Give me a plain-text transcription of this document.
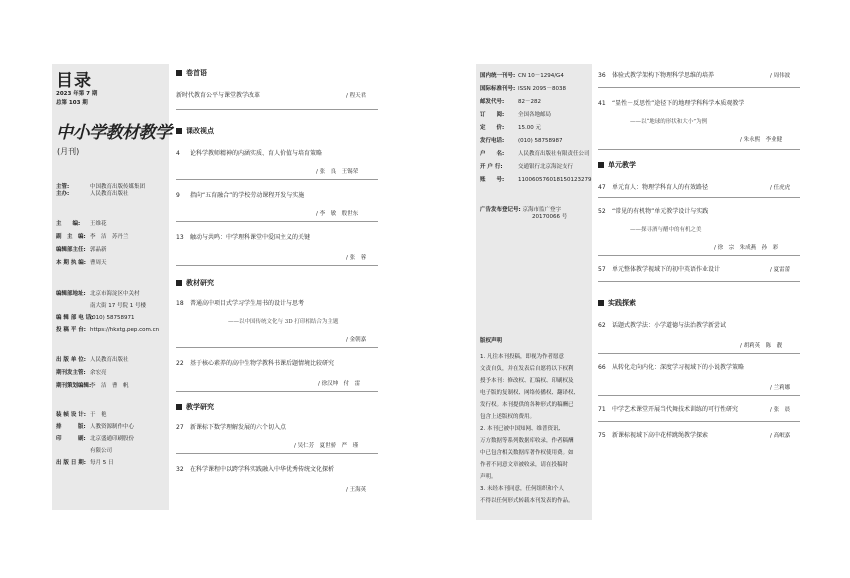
目录
2023 年第 7 期
总第 103 期
中小学教材教学
(月刊)
主管:	中国教育出版传媒集团
主办:	人民教育出版社
主　　编: 王维花
副　主　编: 李　洁　苏丹兰
编辑部主任: 郭晶新
本 期 执 编: 曹周天
编辑部地址: 北京市海淀区中关村
南大街 17 号院 1 号楼
编 辑 部 电 话:(010) 58758971
投 稿 平 台: https://hkxtg.pep.com.cn
出 版 单 位: 人民教育出版社
期刊发主管: 余宏亮
期刊策划编辑:李　洁　曹　帆
装 帧 设 计: 于　艳
排　　　版: 人教资源制作中心
印　　　刷: 北京盛通印刷股份
有限公司
出 版 日 期: 每月 5 日
卷首语
新时代教育公平与课堂教学改革	/ 程天君
课改视点
4 论科学教师精神的内涵实质、育人价值与培育策略
/ 张　良　王锡荣
9 指向“五育融合”的学校劳动课程开发与实施
/ 李　敏　殷世东
13 触动与共鸣：中学理科课堂中爱国主义的关键
/ 张　蓉
教材研究
18 普通高中项目式学习学生用书的设计与思考
——以中国传统文化与 3D 打印相结合为主题
/ 金朝嘉
22 基于核心素养的高中生物学教科书课后题情境比较研究
/ 徐汉坤　付　雷
教学研究
27 新课标下数学理解发展的六个切入点
/ 吴仁芳　夏世骄　严　瑾
32 在科学课程中以跨学科实践融入中华优秀传统文化探析
/ 王海英
国内统一刊号: CN 10－1294/G4
国际标准刊号: ISSN 2095－8038
邮发代号:	82－282
订　　阅:	全国各地邮局
定　　价:	15.00 元
发行电话:	(010) 58758987
户　　名:	人民教育出版社有限责任公司
开 户 行:	交通银行北京海淀支行
账　　号:	110060576018150123279
广告发布登记号: 京海市监广登字
20170066 号
版权声明
1. 凡往本刊投稿，即视为作者愿意
文责自负，并在发表后自愿将以下权利
授予本刊：修改权、汇编权、印刷权及
电子版的复制权、网络传播权、翻译权、
发行权。本刊提供的各种形式的稿酬已
包含上述版权的费用。
2. 本刊已被中国知网、维普资讯、
万方数据等系列数据库收录，作者稿酬
中已包含相关数据库著作权使用费。如
作者不同意文章被收录，请在投稿时
声明。
3. 未经本刊同意，任何组织和个人
不得以任何形式转载本刊发表的作品。
36 体验式教学架构下物理科学思维的培养	/ 周伟波
41 “显性－反思性”途径下的地理学科科学本质观教学
——以“地球的形状和大小”为例
/ 朱永熙　李业健
单元教学
47 单元育人：物理学科育人的有效路径	/ 任虎虎
52 “常见的有机物”单元教学设计与实践
——探寻酒与醋中的有机之美
/ 徐　宗　朱成燕　孙　彩
57 单元整体教学视域下的初中英语作业设计	/ 夏雷蕾
实践探索
62 话题式教学法：小学道德与法治教学新尝试
/ 胡莉英　陈　靓
66 从转化走向内化：深度学习视域下的小说教学策略
/ 兰莉娜
71 中学艺术课堂开展当代舞技术训练的可行性研究	/ 张　晨
75 新课标视域下高中花样跳绳教学探索	/ 高岷嘉
